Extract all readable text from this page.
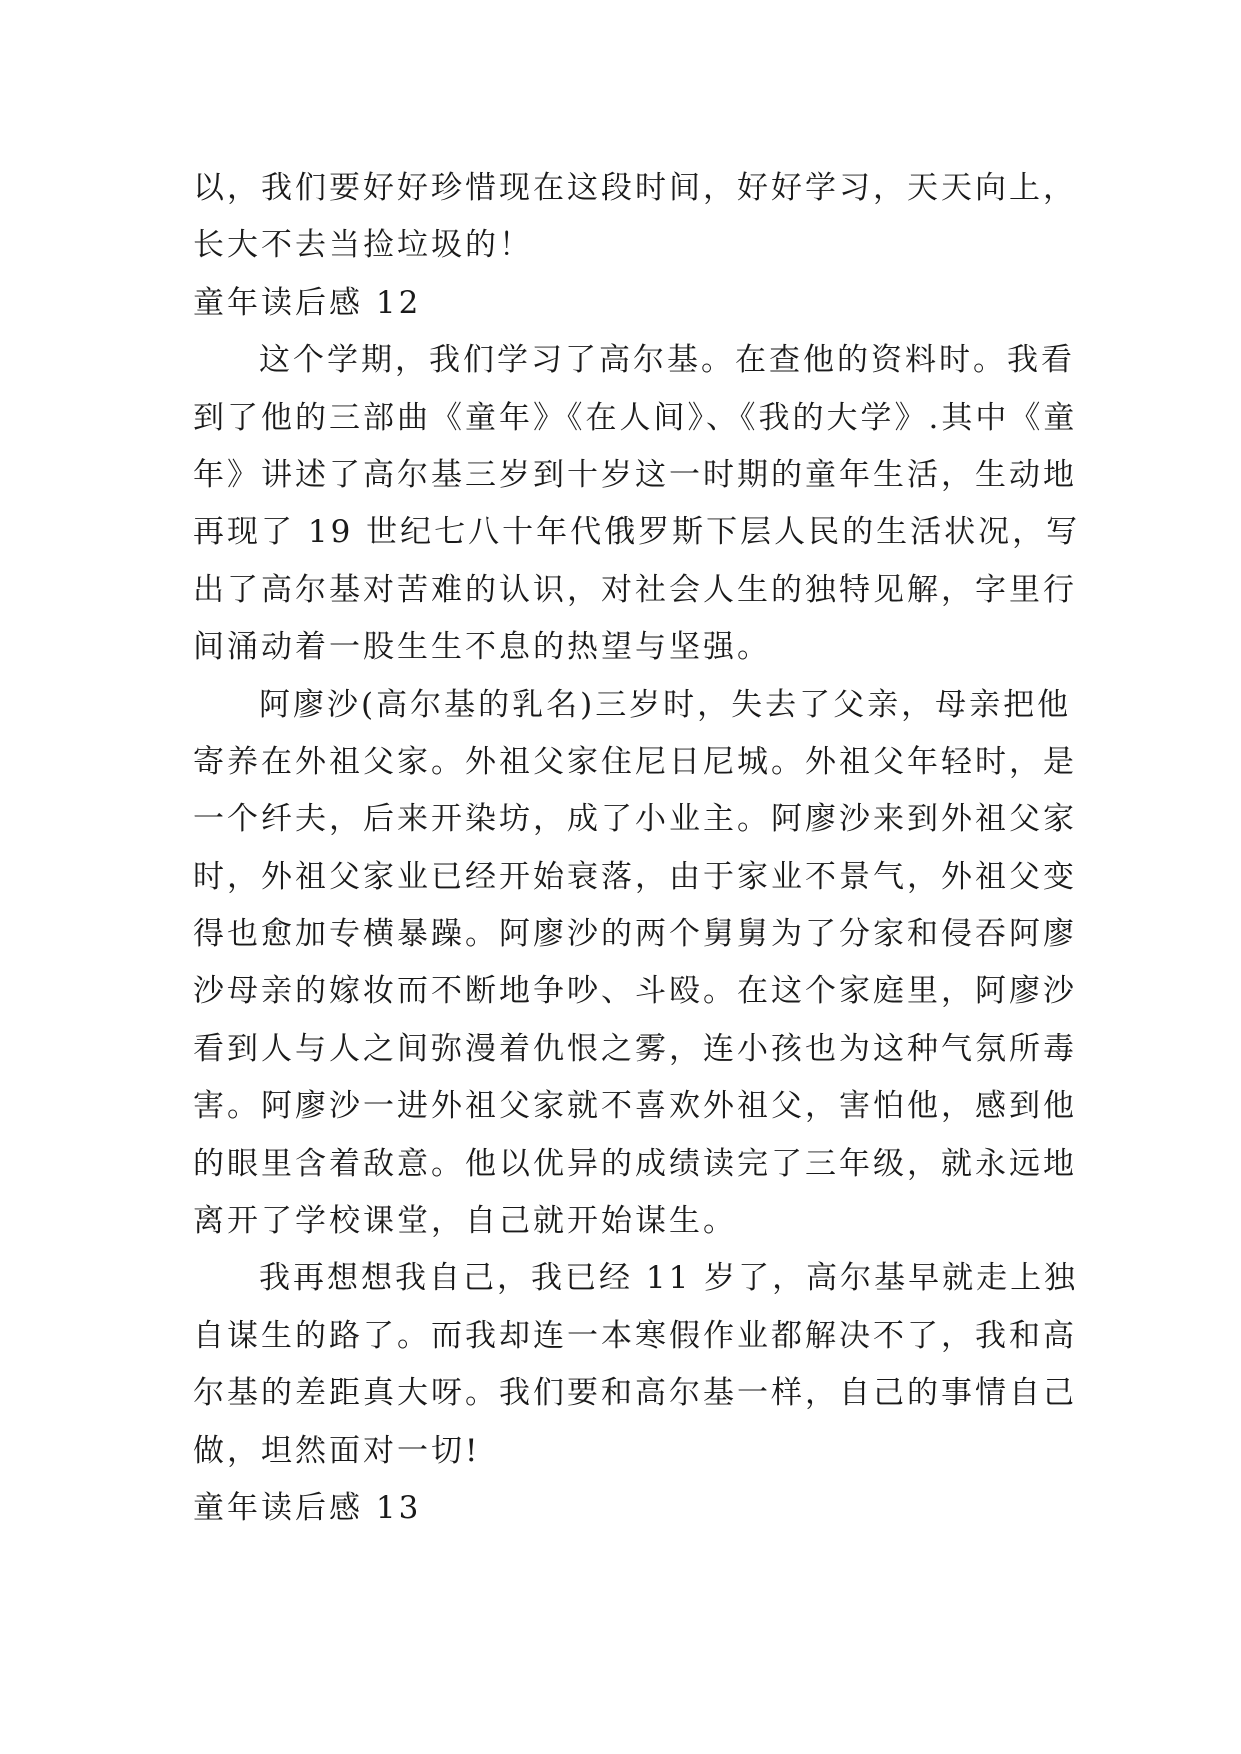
以，我们要好好珍惜现在这段时间，好好学习，天天向上，
长大不去当捡垃圾的！
童年读后感 12
这个学期，我们学习了高尔基。在查他的资料时。我看
到了他的三部曲《童年》《在人间》、《我的大学》.其中《童
年》讲述了高尔基三岁到十岁这一时期的童年生活，生动地
再现了 19 世纪七八十年代俄罗斯下层人民的生活状况，写
出了高尔基对苦难的认识，对社会人生的独特见解，字里行
间涌动着一股生生不息的热望与坚强。
阿廖沙(高尔基的乳名)三岁时，失去了父亲，母亲把他
寄养在外祖父家。外祖父家住尼日尼城。外祖父年轻时，是
一个纤夫，后来开染坊，成了小业主。阿廖沙来到外祖父家
时，外祖父家业已经开始衰落，由于家业不景气，外祖父变
得也愈加专横暴躁。阿廖沙的两个舅舅为了分家和侵吞阿廖
沙母亲的嫁妆而不断地争吵、斗殴。在这个家庭里，阿廖沙
看到人与人之间弥漫着仇恨之雾，连小孩也为这种气氛所毒
害。阿廖沙一进外祖父家就不喜欢外祖父，害怕他，感到他
的眼里含着敌意。他以优异的成绩读完了三年级，就永远地
离开了学校课堂，自己就开始谋生。
我再想想我自己，我已经 11 岁了，高尔基早就走上独
自谋生的路了。而我却连一本寒假作业都解决不了，我和高
尔基的差距真大呀。我们要和高尔基一样，自己的事情自己
做，坦然面对一切!
童年读后感 13
